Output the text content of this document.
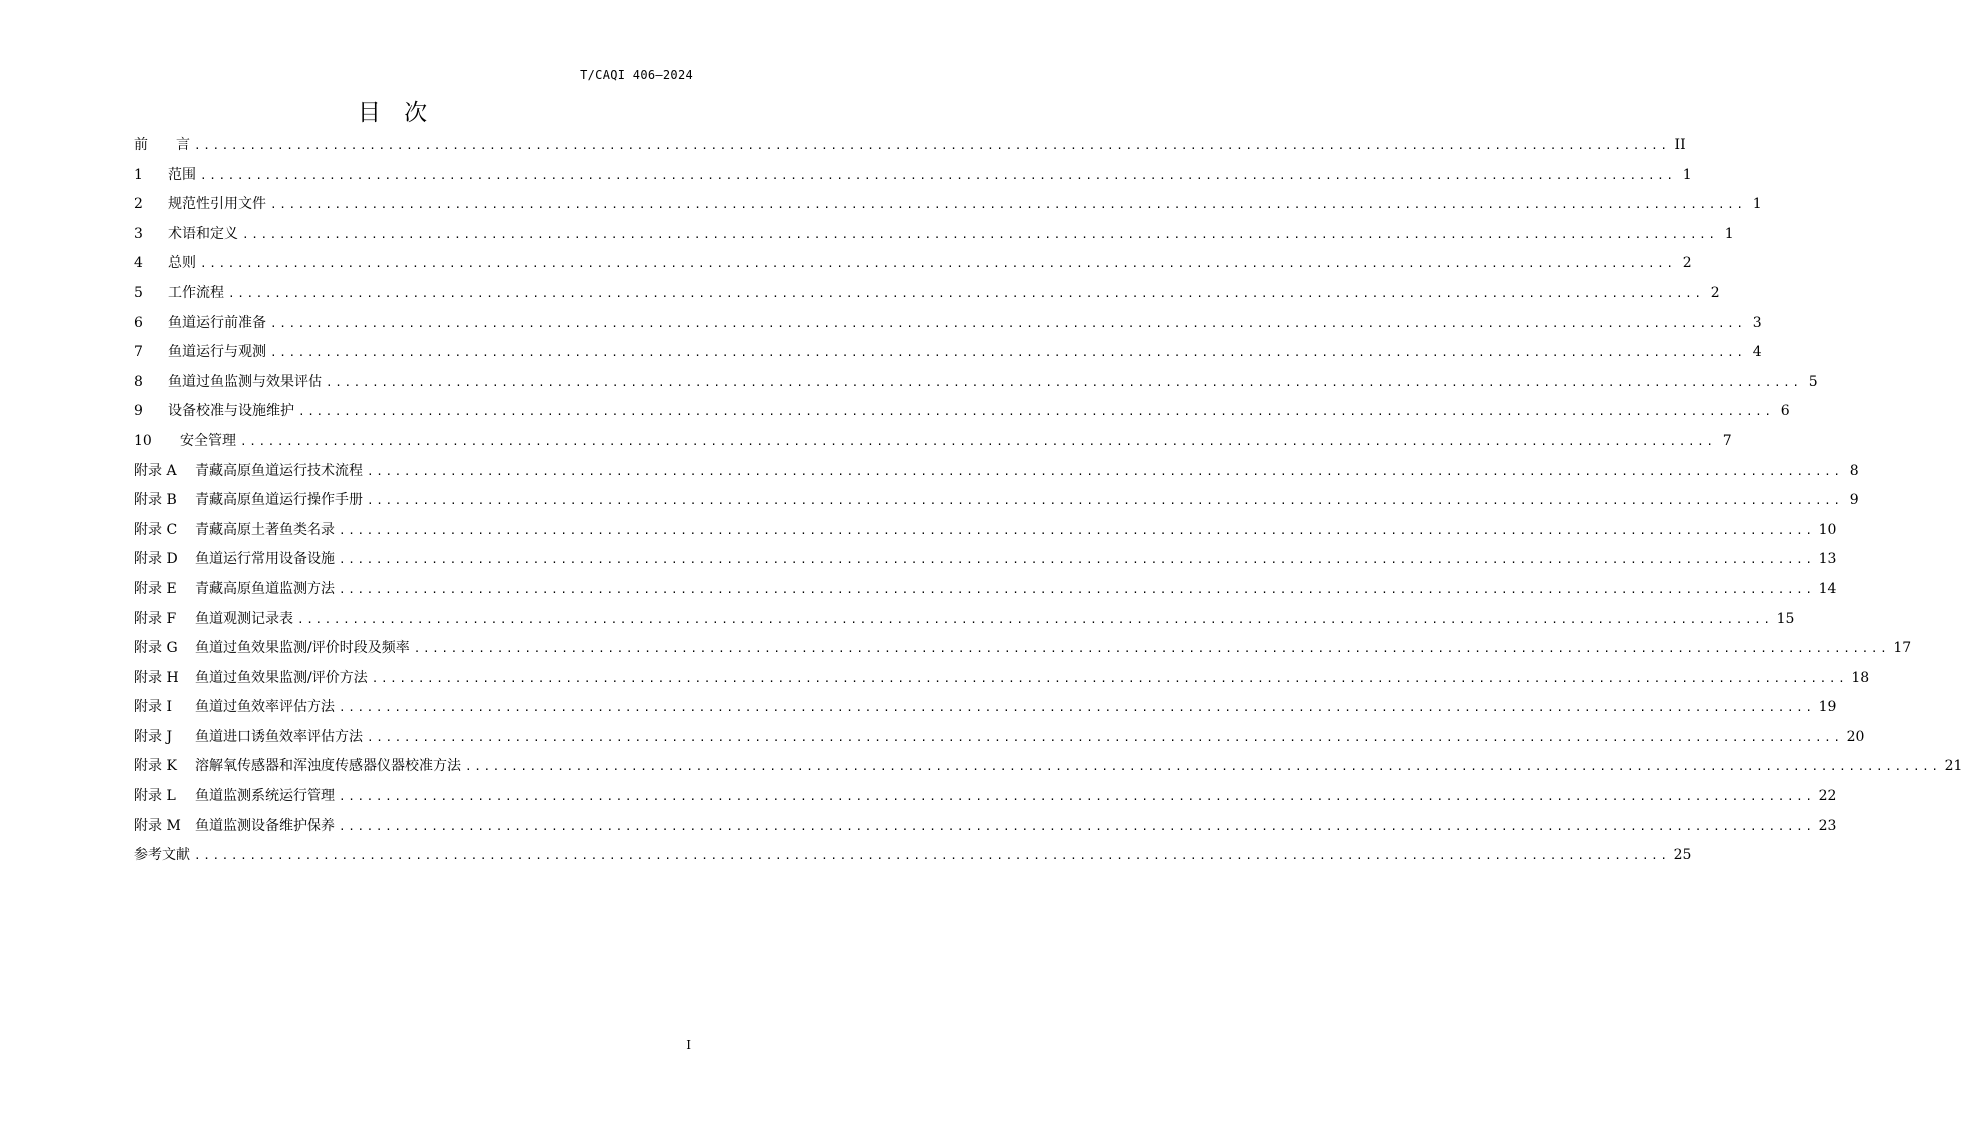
T/CAQI 406—2024
目 次
前　　言 ................................................................................................................................................................ II
1	范围 ................................................................................................................................................................ 1
2	规范性引用文件 ................................................................................................................................................................ 1
3	术语和定义 ................................................................................................................................................................ 1
4	总则 ................................................................................................................................................................ 2
5	工作流程 ................................................................................................................................................................ 2
6	鱼道运行前准备 ................................................................................................................................................................ 3
7	鱼道运行与观测 ................................................................................................................................................................ 4
8	鱼道过鱼监测与效果评估 ................................................................................................................................................................ 5
9	设备校准与设施维护 ................................................................................................................................................................ 6
10	安全管理 ................................................................................................................................................................ 7
附录 A	青藏高原鱼道运行技术流程 ................................................................................................................................................................ 8
附录 B	青藏高原鱼道运行操作手册 ................................................................................................................................................................ 9
附录 C	青藏高原土著鱼类名录 ................................................................................................................................................................ 10
附录 D	鱼道运行常用设备设施 ................................................................................................................................................................ 13
附录 E	青藏高原鱼道监测方法 ................................................................................................................................................................ 14
附录 F	鱼道观测记录表 ................................................................................................................................................................ 15
附录 G	鱼道过鱼效果监测/评价时段及频率 ................................................................................................................................................................ 17
附录 H	鱼道过鱼效果监测/评价方法 ................................................................................................................................................................ 18
附录 I	鱼道过鱼效率评估方法 ................................................................................................................................................................ 19
附录 J	鱼道进口诱鱼效率评估方法 ................................................................................................................................................................ 20
附录 K	溶解氧传感器和浑浊度传感器仪器校准方法 ................................................................................................................................................................ 21
附录 L	鱼道监测系统运行管理 ................................................................................................................................................................ 22
附录 M	鱼道监测设备维护保养 ................................................................................................................................................................ 23
参考文献 ................................................................................................................................................................ 25
I
